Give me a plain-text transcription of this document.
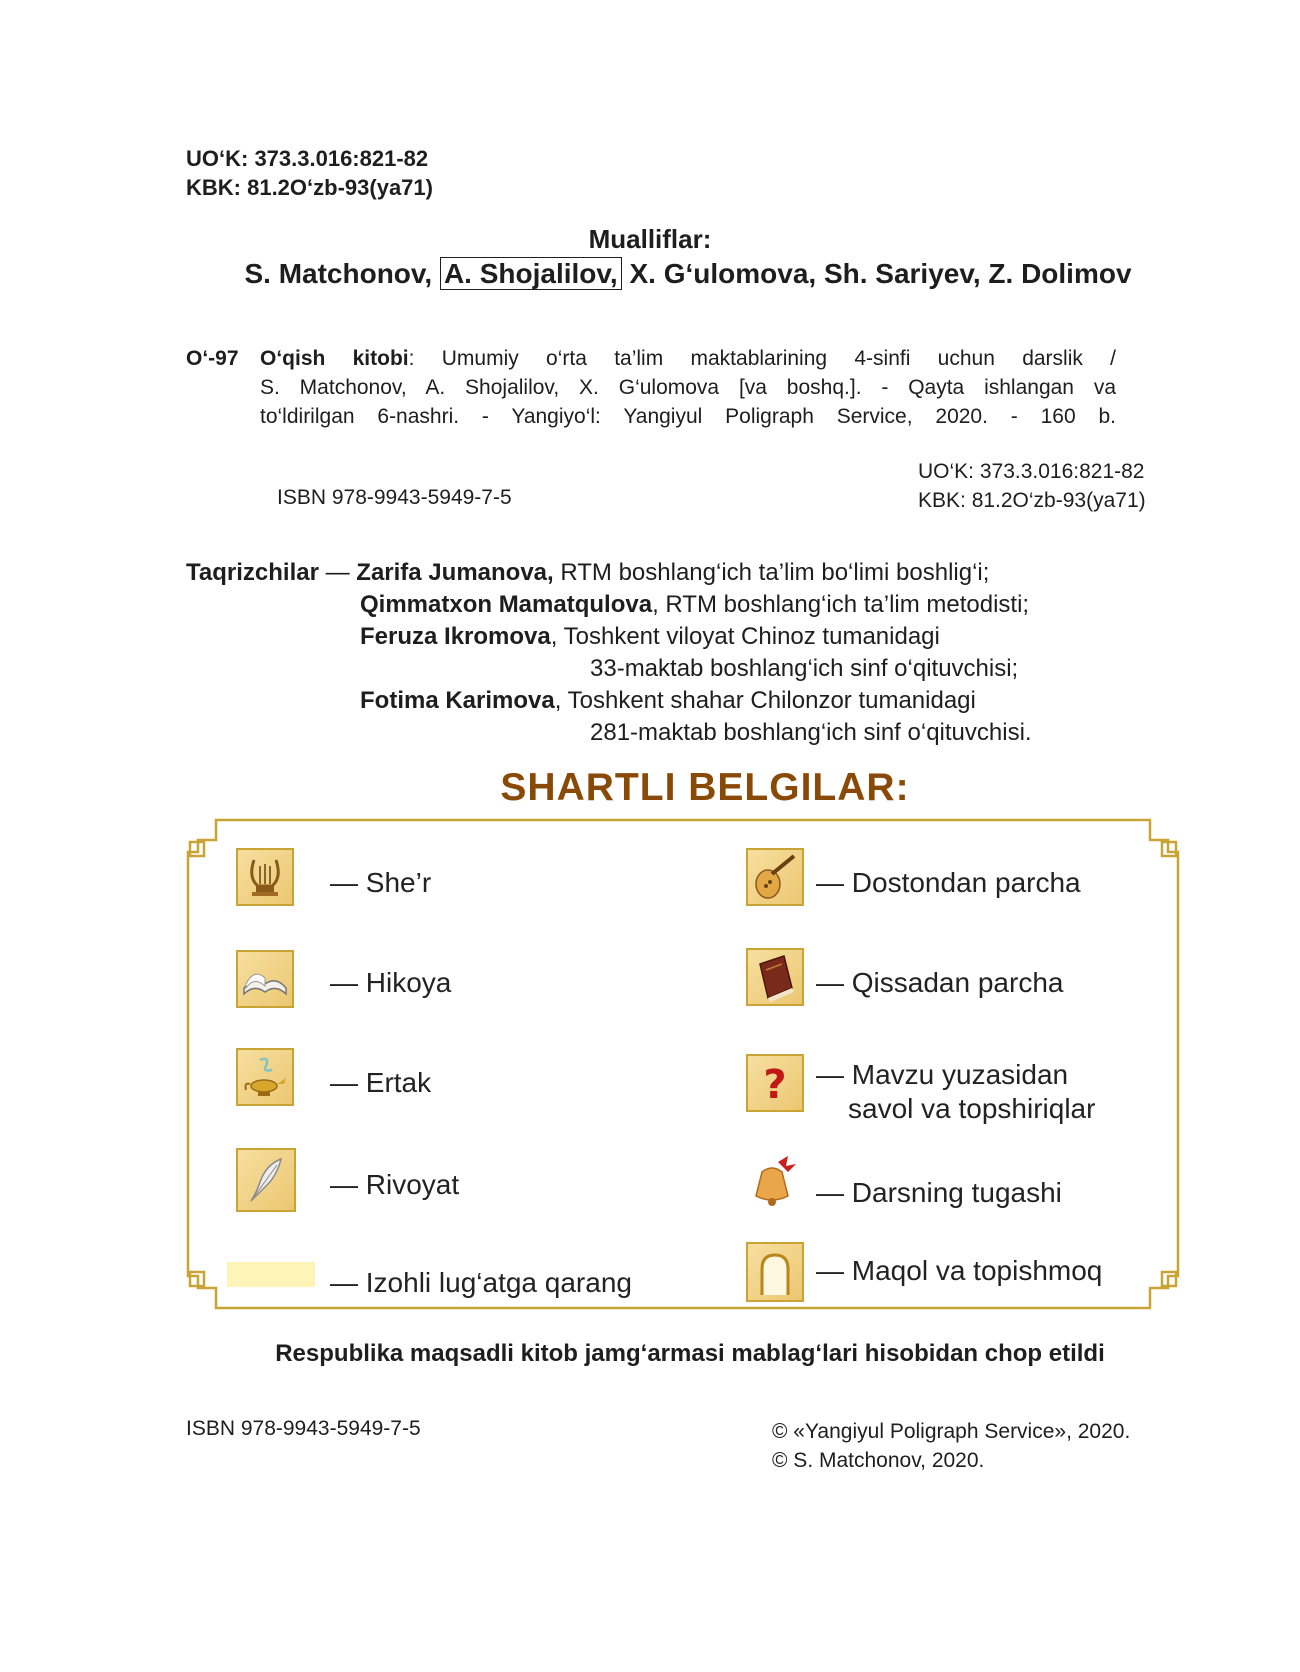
UO‘K: 373.3.016:821-82
KBK: 81.2O‘zb-93(ya71)
Mualliflar:
S. Matchonov, A. Shojalilov, X. G‘ulomova, Sh. Sariyev, Z. Dolimov
O‘-97 O‘qish kitobi: Umumiy o‘rta ta’lim maktablarining 4-sinfi uchun darslik /
S. Matchonov, A. Shojalilov, X. G‘ulomova [va boshq.]. - Qayta ishlangan va
to‘ldirilgan 6-nashri. - Yangiyo‘l: Yangiyul Poligraph Service, 2020. - 160 b.
ISBN 978-9943-5949-7-5
UO‘K: 373.3.016:821-82
KBK: 81.2O‘zb-93(ya71)
Taqrizchilar — Zarifa Jumanova, RTM boshlang‘ich ta’lim bo‘limi boshlig‘i;
Qimmatxon Mamatqulova, RTM boshlang‘ich ta’lim metodisti;
Feruza Ikromova, Toshkent viloyat Chinoz tumanidagi
33-maktab boshlang‘ich sinf o‘qituvchisi;
Fotima Karimova, Toshkent shahar Chilonzor tumanidagi
281-maktab boshlang‘ich sinf o‘qituvchisi.
SHARTLI BELGILAR:
— She’r
— Hikoya
— Ertak
— Rivoyat
— Izohli lug‘atga qarang
— Dostondan parcha
— Qissadan parcha
? — Mavzu yuzasidan
savol va topshiriqlar
— Darsning tugashi
— Maqol va topishmoq
Respublika maqsadli kitob jamg‘armasi mablag‘lari hisobidan chop etildi
ISBN 978-9943-5949-7-5	© «Yangiyul Poligraph Service», 2020.
© S. Matchonov, 2020.
